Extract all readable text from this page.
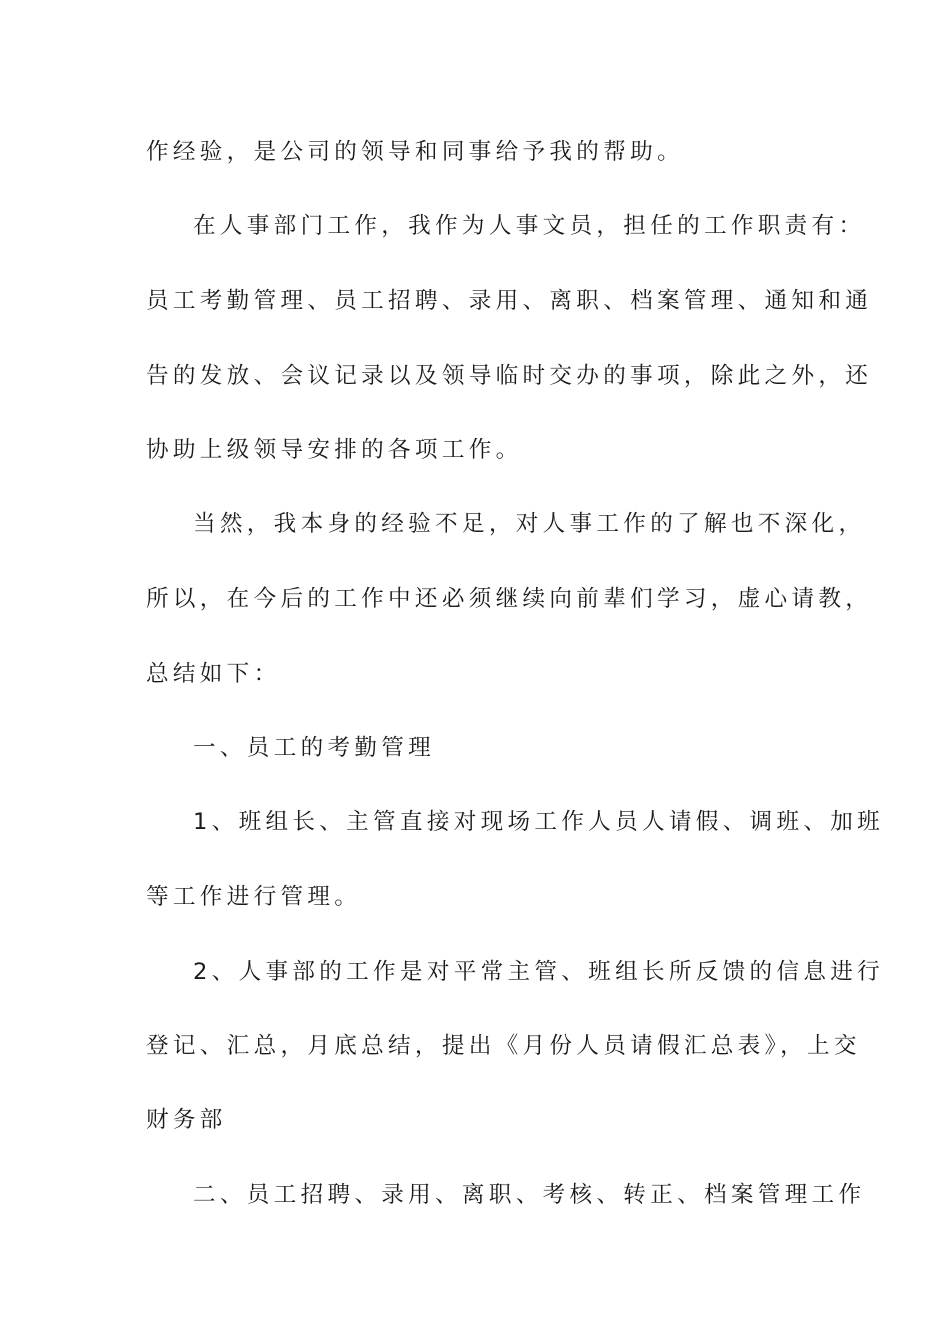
作经验，是公司的领导和同事给予我的帮助。
在人事部门工作，我作为人事文员，担任的工作职责有：
员工考勤管理、员工招聘、录用、离职、档案管理、通知和通
告的发放、会议记录以及领导临时交办的事项，除此之外，还
协助上级领导安排的各项工作。
当然，我本身的经验不足，对人事工作的了解也不深化，
所以，在今后的工作中还必须继续向前辈们学习，虚心请教，
总结如下：
一、员工的考勤管理
1、班组长、主管直接对现场工作人员人请假、调班、加班
等工作进行管理。
2、人事部的工作是对平常主管、班组长所反馈的信息进行
登记、汇总，月底总结，提出《月份人员请假汇总表》，上交
财务部
二、员工招聘、录用、离职、考核、转正、档案管理工作
